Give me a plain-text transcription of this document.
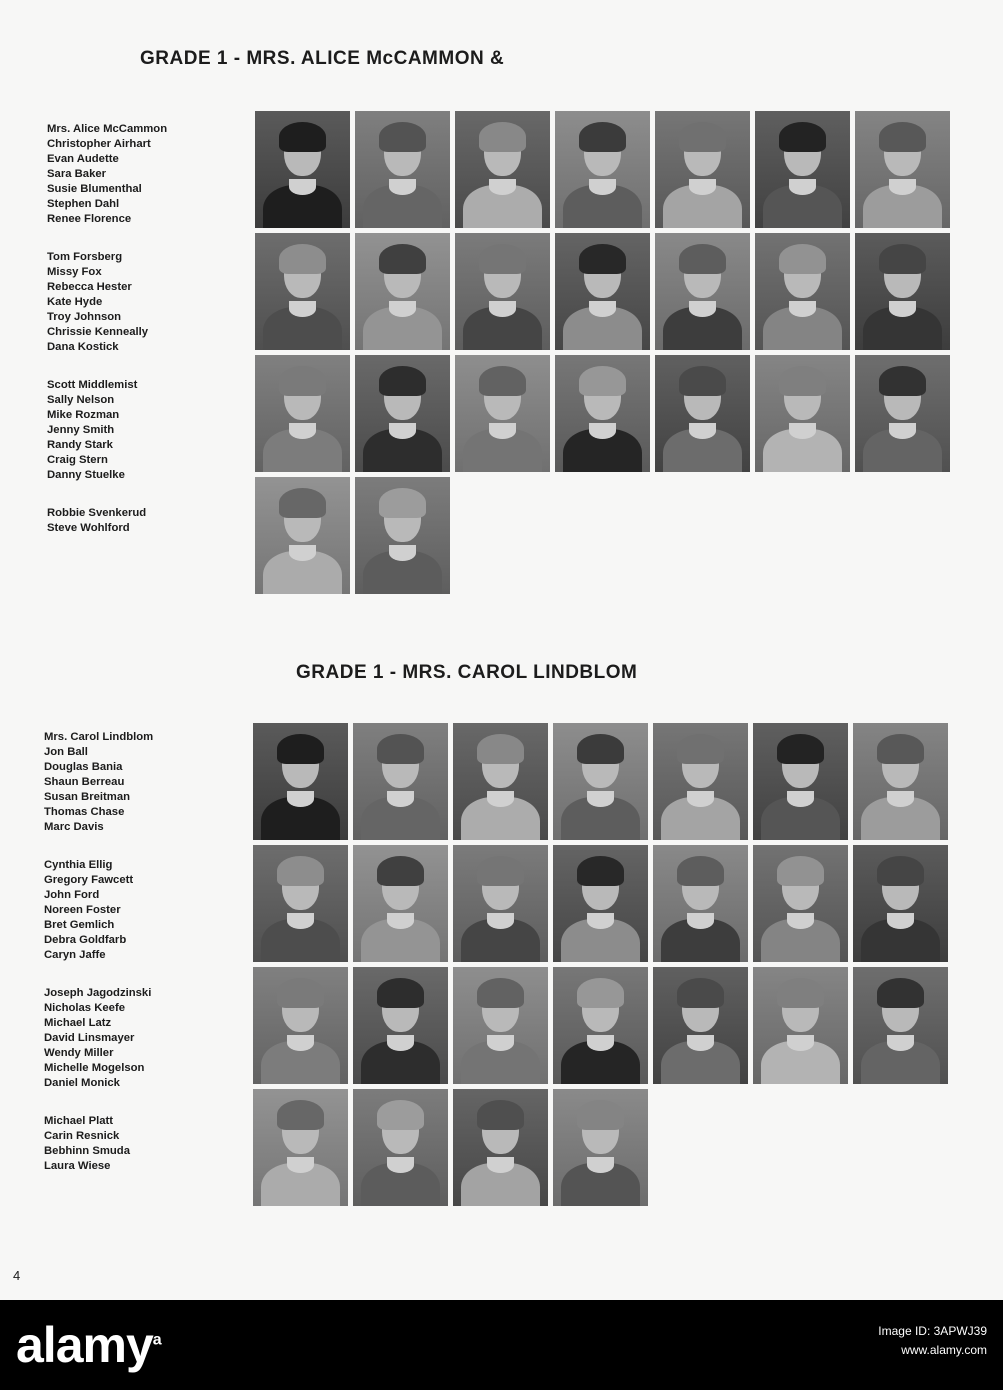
GRADE 1 - MRS. ALICE McCAMMON &
Mrs. Alice McCammon
Christopher Airhart
Evan Audette
Sara Baker
Susie Blumenthal
Stephen Dahl
Renee Florence
Tom Forsberg
Missy Fox
Rebecca Hester
Kate Hyde
Troy Johnson
Chrissie Kenneally
Dana Kostick
Scott Middlemist
Sally Nelson
Mike Rozman
Jenny Smith
Randy Stark
Craig Stern
Danny Stuelke
Robbie Svenkerud
Steve Wohlford
GRADE 1 - MRS. CAROL LINDBLOM
Mrs. Carol Lindblom
Jon Ball
Douglas Bania
Shaun Berreau
Susan Breitman
Thomas Chase
Marc Davis
Cynthia Ellig
Gregory Fawcett
John Ford
Noreen Foster
Bret Gemlich
Debra Goldfarb
Caryn Jaffe
Joseph Jagodzinski
Nicholas Keefe
Michael Latz
David Linsmayer
Wendy Miller
Michelle Mogelson
Daniel Monick
Michael Platt
Carin Resnick
Bebhinn Smuda
Laura Wiese
4
alamy$^a$
Image ID: 3APWJ39
www.alamy.com
